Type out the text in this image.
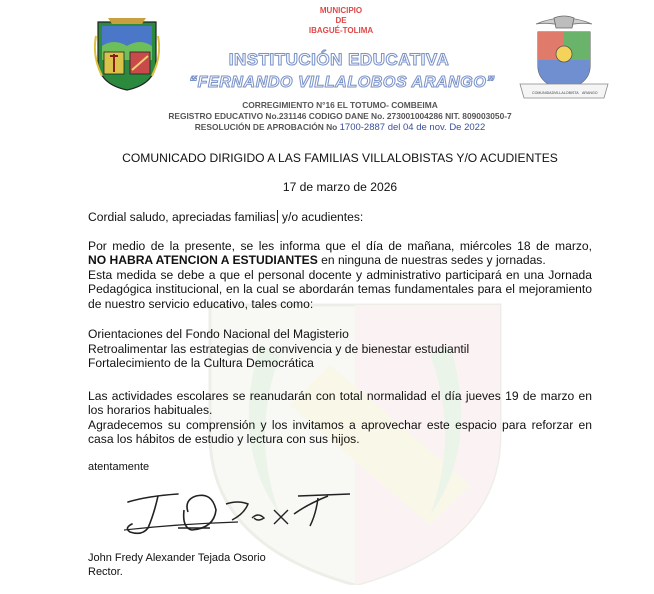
COMUNIDAD VILLALOBISTA ARANGO
MUNICIPIO
DE
IBAGUÉ-TOLIMA
INSTITUCIÓN EDUCATIVA
“FERNANDO VILLALOBOS ARANGO”
CORREGIMIENTO N°16 EL TOTUMO- COMBEIMA
REGISTRO EDUCATIVO No.231146 CODIGO DANE No. 273001004286 NIT. 809003050-7
RESOLUCIÓN DE APROBACIÓN No 1700-2887 del 04 de nov. De 2022
COMUNICADO DIRIGIDO A LAS FAMILIAS VILLALOBISTAS Y/O ACUDIENTES
17 de marzo de 2026
Cordial saludo, apreciadas familias y/o acudientes:
Por medio de la presente, se les informa que el día de mañana, miércoles 18 de marzo,
NO HABRA ATENCION A ESTUDIANTES en ninguna de nuestras sedes y jornadas.
Esta medida se debe a que el personal docente y administrativo participará en una Jornada Pedagógica institucional, en la cual se abordarán temas fundamentales para el mejoramiento de nuestro servicio educativo, tales como:
Orientaciones del Fondo Nacional del Magisterio
Retroalimentar las estrategias de convivencia y de bienestar estudiantil
Fortalecimiento de la Cultura Democrática
Las actividades escolares se reanudarán con total normalidad el día jueves 19 de marzo en los horarios habituales.
Agradecemos su comprensión y los invitamos a aprovechar este espacio para reforzar en casa los hábitos de estudio y lectura con sus hijos.
atentamente
John Fredy Alexander Tejada Osorio
Rector.
